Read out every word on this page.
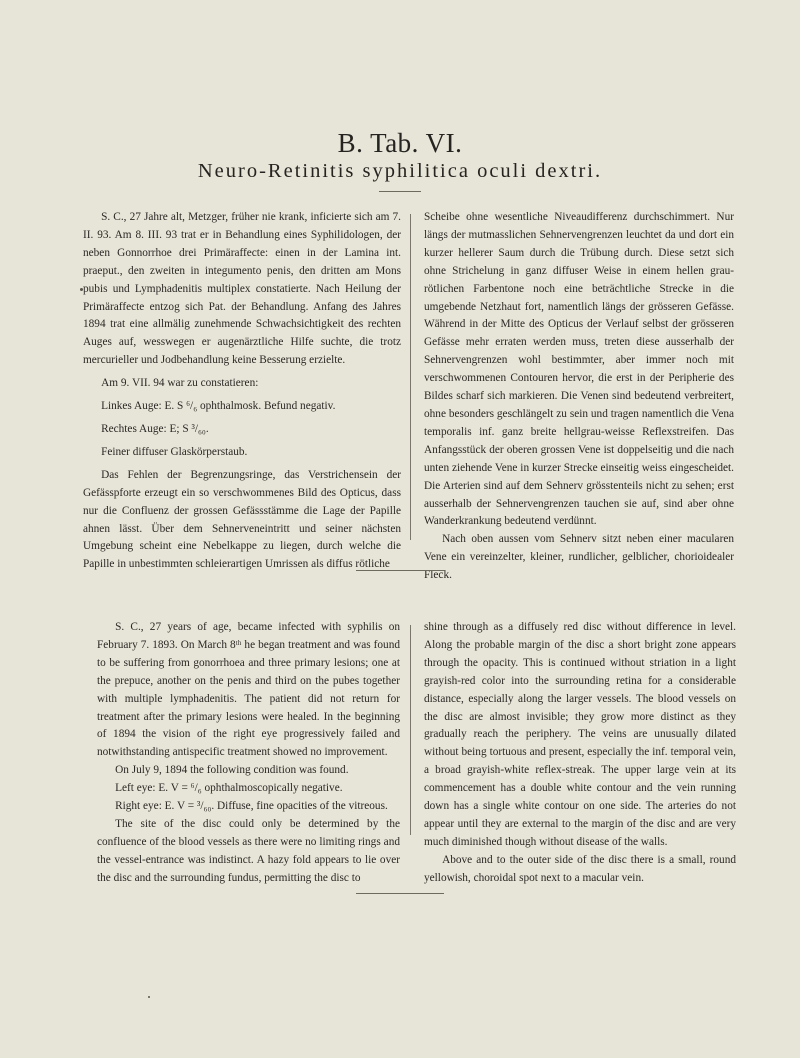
B. Tab. VI.
Neuro-Retinitis syphilitica oculi dextri.

S. C., 27 Jahre alt, Metzger, früher nie krank, inficierte sich am 7. II. 93. Am 8. III. 93 trat er in Behandlung eines Syphilidologen, der neben Gonnorrhoe drei Primäraffecte: einen in der Lamina int. praeput., den zweiten in integumento penis, den dritten am Mons pubis und Lymphadenitis multiplex constatierte. Nach Heilung der Primäraffecte entzog sich Pat. der Behandlung. Anfang des Jahres 1894 trat eine allmälig zunehmende Schwachsichtigkeit des rechten Auges auf, wesswegen er augenärztliche Hilfe suchte, die trotz mercurieller und Jodbehandlung keine Besserung erzielte.

Am 9. VII. 94 war zu constatieren:

Linkes Auge: E. S ⁶/₆ ophthalmosk. Befund negativ.

Rechtes Auge: E; S ³/₆₀.

Feiner diffuser Glaskörperstaub.

Das Fehlen der Begrenzungsringe, das Verstrichensein der Gefässpforte erzeugt ein so verschwommenes Bild des Opticus, dass nur die Confluenz der grossen Gefässstämme die Lage der Papille ahnen lässt. Über dem Sehnerveneintritt und seiner nächsten Umgebung scheint eine Nebelkappe zu liegen, durch welche die Papille in unbestimmten schleierartigen Umrissen als diffus rötliche

Scheibe ohne wesentliche Niveaudifferenz durchschimmert. Nur längs der mutmasslichen Sehnervengrenzen leuchtet da und dort ein kurzer hellerer Saum durch die Trübung durch. Diese setzt sich ohne Strichelung in ganz diffuser Weise in einem hellen grau-rötlichen Farbentone noch eine beträchtliche Strecke in die umgebende Netzhaut fort, namentlich längs der grösseren Gefässe. Während in der Mitte des Opticus der Verlauf selbst der grösseren Gefässe mehr erraten werden muss, treten diese ausserhalb der Sehnervengrenzen wohl bestimmter, aber immer noch mit verschwommenen Contouren hervor, die erst in der Peripherie des Bildes scharf sich markieren. Die Venen sind bedeutend verbreitert, ohne besonders geschlängelt zu sein und tragen namentlich die Vena temporalis inf. ganz breite hellgrau-weisse Reflexstreifen. Das Anfangsstück der oberen grossen Vene ist doppelseitig und die nach unten ziehende Vene in kurzer Strecke einseitig weiss eingescheidet. Die Arterien sind auf dem Sehnerv grösstenteils nicht zu sehen; erst ausserhalb der Sehnervengrenzen tauchen sie auf, sind aber ohne Wanderkrankung bedeutend verdünnt.

Nach oben aussen vom Sehnerv sitzt neben einer macularen Vene ein vereinzelter, kleiner, rundlicher, gelblicher, chorioidealer Fleck.

S. C., 27 years of age, became infected with syphilis on February 7. 1893. On March 8ᵗʰ he began treatment and was found to be suffering from gonorrhoea and three primary lesions; one at the prepuce, another on the penis and third on the pubes together with multiple lymphadenitis. The patient did not return for treatment after the primary lesions were healed. In the beginning of 1894 the vision of the right eye progressively failed and notwithstanding antispecific treatment showed no improvement.

On July 9, 1894 the following condition was found.

Left eye: E. V = ⁶/₆ ophthalmoscopically negative.

Right eye: E. V = ³/₆₀. Diffuse, fine opacities of the vitreous.

The site of the disc could only be determined by the confluence of the blood vessels as there were no limiting rings and the vessel-entrance was indistinct. A hazy fold appears to lie over the disc and the surrounding fundus, permitting the disc to

shine through as a diffusely red disc without difference in level. Along the probable margin of the disc a short bright zone appears through the opacity. This is continued without striation in a light grayish-red color into the surrounding retina for a considerable distance, especially along the larger vessels. The blood vessels on the disc are almost invisible; they grow more distinct as they gradually reach the periphery. The veins are unusually dilated without being tortuous and present, especially the inf. temporal vein, a broad grayish-white reflex-streak. The upper large vein at its commencement has a double white contour and the vein running down has a single white contour on one side. The arteries do not appear until they are external to the margin of the disc and are very much diminished though without disease of the walls.

Above and to the outer side of the disc there is a small, round yellowish, choroidal spot next to a macular vein.
